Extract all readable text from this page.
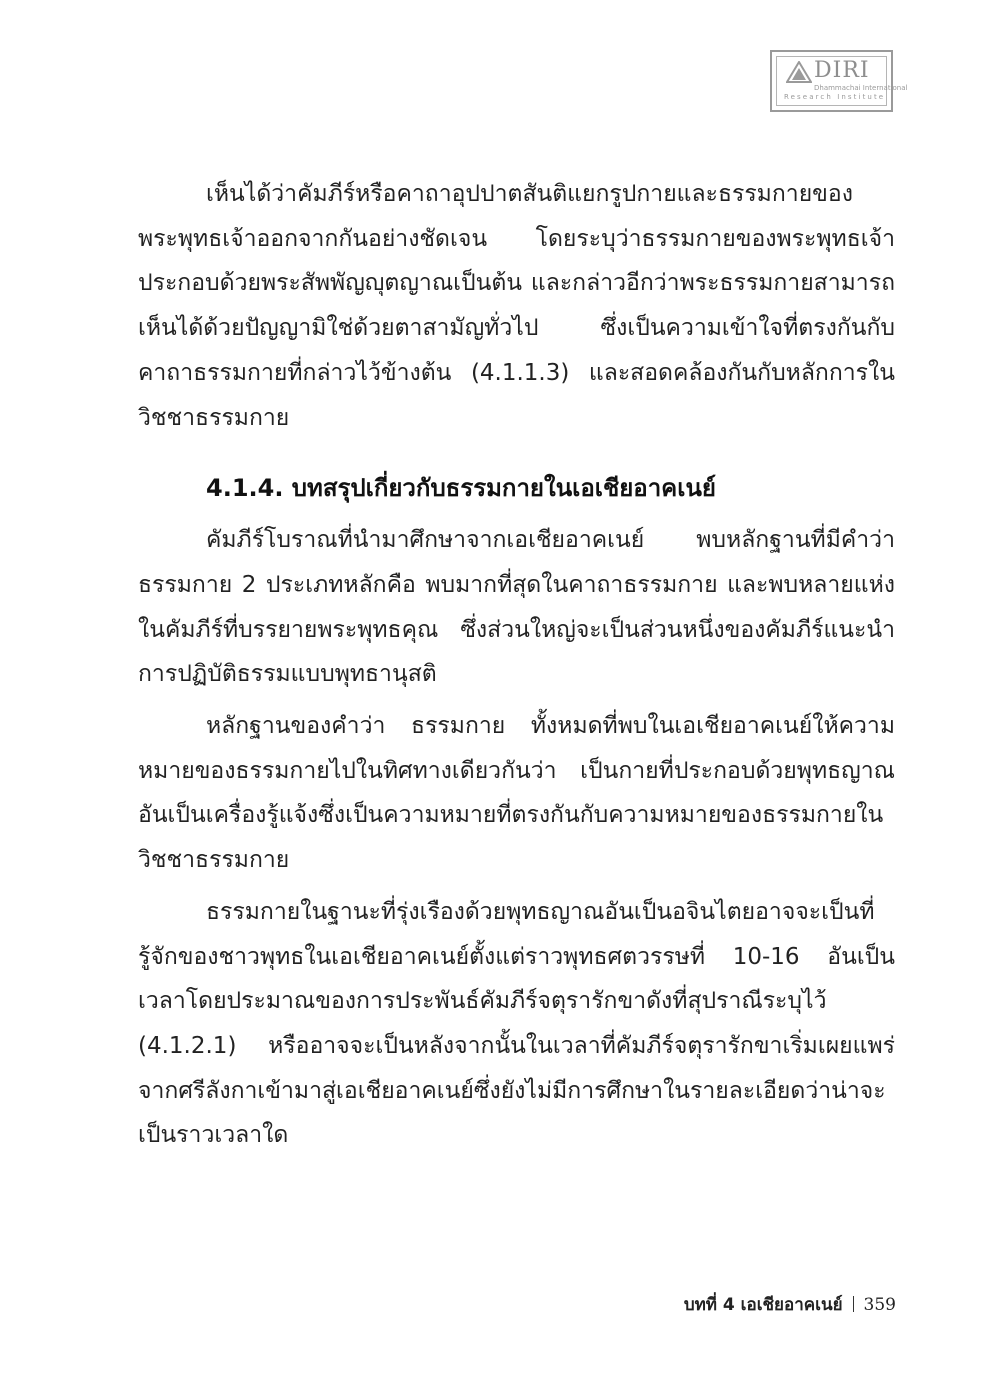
DIRI
Dhammachai International
Research Institute

เห็นได้ว่าคัมภีร์หรือคาถาอุปปาตสันติแยกรูปกายและธรรมกายของพระพุทธเจ้าออกจากกันอย่างชัดเจน โดยระบุว่าธรรมกายของพระพุทธเจ้าประกอบด้วยพระสัพพัญญุตญาณเป็นต้น และกล่าวอีกว่าพระธรรมกายสามารถเห็นได้ด้วยปัญญามิใช่ด้วยตาสามัญทั่วไป ซึ่งเป็นความเข้าใจที่ตรงกันกับคาถาธรรมกายที่กล่าวไว้ข้างต้น (4.1.1.3) และสอดคล้องกันกับหลักการในวิชชาธรรมกาย

4.1.4. บทสรุปเกี่ยวกับธรรมกายในเอเชียอาคเนย์

คัมภีร์โบราณที่นำมาศึกษาจากเอเชียอาคเนย์ พบหลักฐานที่มีคำว่าธรรมกาย 2 ประเภทหลักคือ พบมากที่สุดในคาถาธรรมกาย และพบหลายแห่งในคัมภีร์ที่บรรยายพระพุทธคุณ ซึ่งส่วนใหญ่จะเป็นส่วนหนึ่งของคัมภีร์แนะนำการปฏิบัติธรรมแบบพุทธานุสติ

หลักฐานของคำว่า ธรรมกาย ทั้งหมดที่พบในเอเชียอาคเนย์ให้ความหมายของธรรมกายไปในทิศทางเดียวกันว่า เป็นกายที่ประกอบด้วยพุทธญาณอันเป็นเครื่องรู้แจ้งซึ่งเป็นความหมายที่ตรงกันกับความหมายของธรรมกายในวิชชาธรรมกาย

ธรรมกายในฐานะที่รุ่งเรืองด้วยพุทธญาณอันเป็นอจินไตยอาจจะเป็นที่รู้จักของชาวพุทธในเอเชียอาคเนย์ตั้งแต่ราวพุทธศตวรรษที่ 10-16 อันเป็นเวลาโดยประมาณของการประพันธ์คัมภีร์จตุรารักขาดังที่สุปราณีระบุไว้ (4.1.2.1) หรืออาจจะเป็นหลังจากนั้นในเวลาที่คัมภีร์จตุรารักขาเริ่มเผยแพร่จากศรีลังกาเข้ามาสู่เอเชียอาคเนย์ซึ่งยังไม่มีการศึกษาในรายละเอียดว่าน่าจะเป็นราวเวลาใด

บทที่ 4 เอเชียอาคเนย์ 359
